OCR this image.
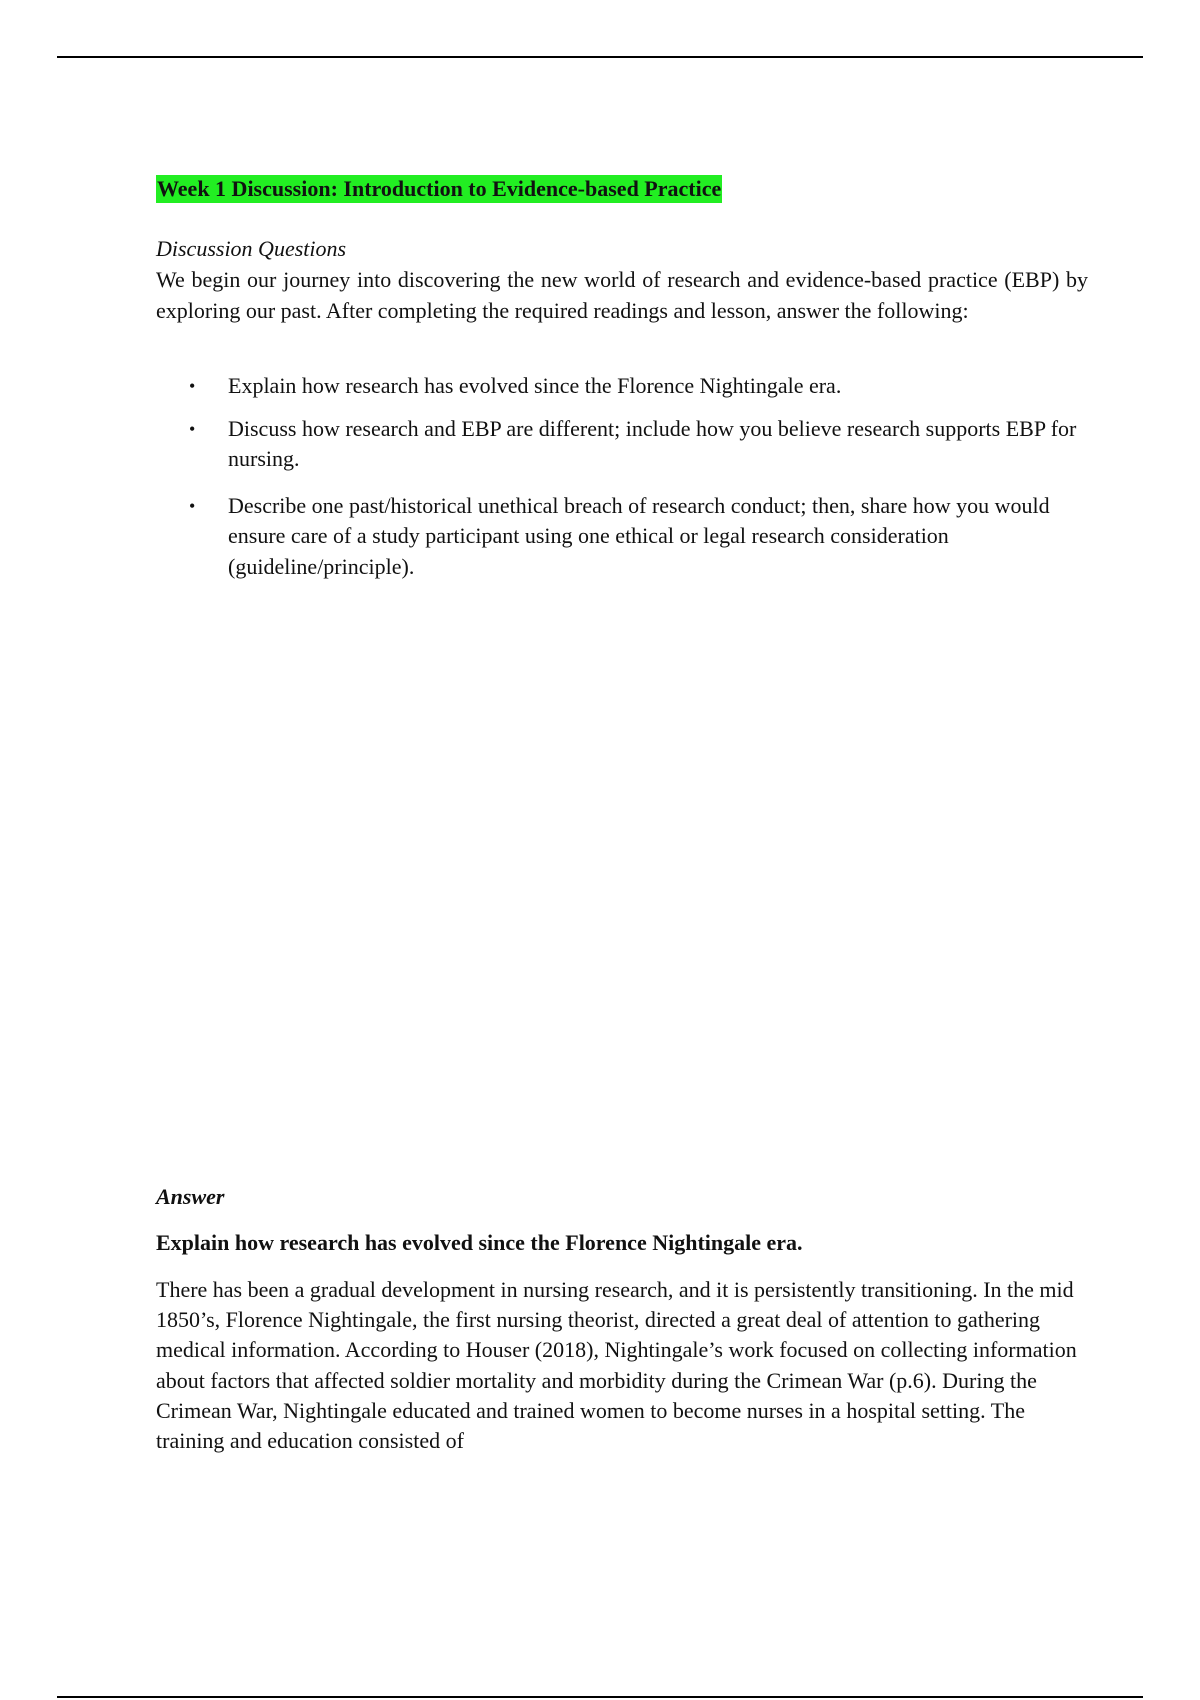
Week 1 Discussion: Introduction to Evidence-based Practice
Discussion Questions

We begin our journey into discovering the new world of research and evidence-based practice (EBP) by exploring our past. After completing the required readings and lesson, answer the following:

• Explain how research has evolved since the Florence Nightingale era.
• Discuss how research and EBP are different; include how you believe research supports EBP for nursing.
• Describe one past/historical unethical breach of research conduct; then, share how you would ensure care of a study participant using one ethical or legal research consideration (guideline/principle).
Answer
Explain how research has evolved since the Florence Nightingale era.

There has been a gradual development in nursing research, and it is persistently transitioning. In the mid 1850’s, Florence Nightingale, the first nursing theorist, directed a great deal of attention to gathering medical information. According to Houser (2018), Nightingale’s work focused on collecting information about factors that affected soldier mortality and morbidity during the Crimean War (p.6). During the Crimean War, Nightingale educated and trained women to become nurses in a hospital setting. The training and education consisted of
